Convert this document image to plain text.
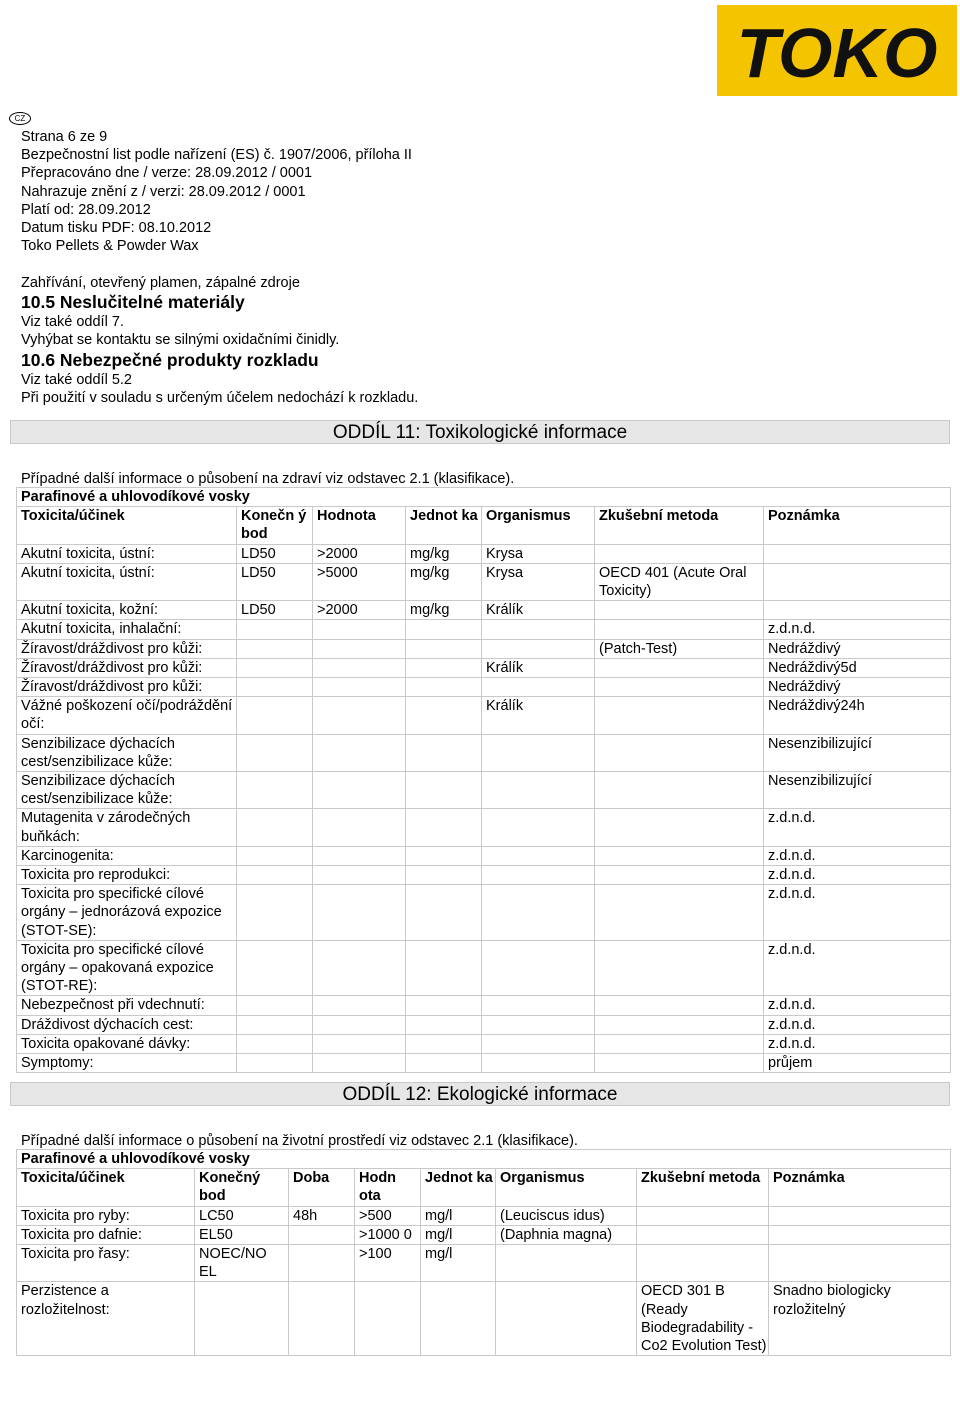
TOKO
CZ
Strana 6 ze 9
Bezpečnostní list podle nařízení (ES) č. 1907/2006, příloha II
Přepracováno dne / verze: 28.09.2012 / 0001
Nahrazuje znění z / verzi: 28.09.2012 / 0001
Platí od: 28.09.2012
Datum tisku PDF: 08.10.2012
Toko Pellets & Powder Wax
Zahřívání, otevřený plamen, zápalné zdroje
10.5 Neslučitelné materiály
Viz také oddíl 7.
Vyhýbat se kontaktu se silnými oxidačními činidly.
10.6 Nebezpečné produkty rozkladu
Viz také oddíl 5.2
Při použití v souladu s určeným účelem nedochází k rozkladu.
ODDÍL 11: Toxikologické informace
Případné další informace o působení na zdraví viz odstavec 2.1 (klasifikace).
Parafinové a uhlovodíkové vosky						
Toxicita/účinek	Konečn ý bod	Hodnota	Jednot ka	Organismus	Zkušební metoda	Poznámka
Akutní toxicita, ústní:	LD50	>2000	mg/kg	Krysa		
Akutní toxicita, ústní:	LD50	>5000	mg/kg	Krysa	OECD 401 (Acute Oral Toxicity)	
Akutní toxicita, kožní:	LD50	>2000	mg/kg	Králík		
Akutní toxicita, inhalační:						z.d.n.d.
Žíravost/dráždivost pro kůži:					(Patch-Test)	Nedráždivý
Žíravost/dráždivost pro kůži:				Králík		Nedráždivý5d
Žíravost/dráždivost pro kůži:						Nedráždivý
Vážné poškození očí/podráždění očí:				Králík		Nedráždivý24h
Senzibilizace dýchacích cest/senzibilizace kůže:						Nesenzibilizující
Senzibilizace dýchacích cest/senzibilizace kůže:						Nesenzibilizující
Mutagenita v zárodečných buňkách:						z.d.n.d.
Karcinogenita:						z.d.n.d.
Toxicita pro reprodukci:						z.d.n.d.
Toxicita pro specifické cílové orgány – jednorázová expozice (STOT-SE):						z.d.n.d.
Toxicita pro specifické cílové orgány – opakovaná expozice (STOT-RE):						z.d.n.d.
Nebezpečnost při vdechnutí:						z.d.n.d.
Dráždivost dýchacích cest:						z.d.n.d.
Toxicita opakované dávky:						z.d.n.d.
Symptomy:						průjem
ODDÍL 12: Ekologické informace
Případné další informace o působení na životní prostředí viz odstavec 2.1 (klasifikace).
Parafinové a uhlovodíkové vosky							
Toxicita/účinek	Konečný bod	Doba	Hodn ota	Jednot ka	Organismus	Zkušební metoda	Poznámka
Toxicita pro ryby:	LC50	48h	>500	mg/l	(Leuciscus idus)		
Toxicita pro dafnie:	EL50		>1000 0	mg/l	(Daphnia magna)		
Toxicita pro řasy:	NOEC/NO EL		>100	mg/l			
Perzistence a rozložitelnost:						OECD 301 B (Ready Biodegradability - Co2 Evolution Test)	Snadno biologicky rozložitelný
